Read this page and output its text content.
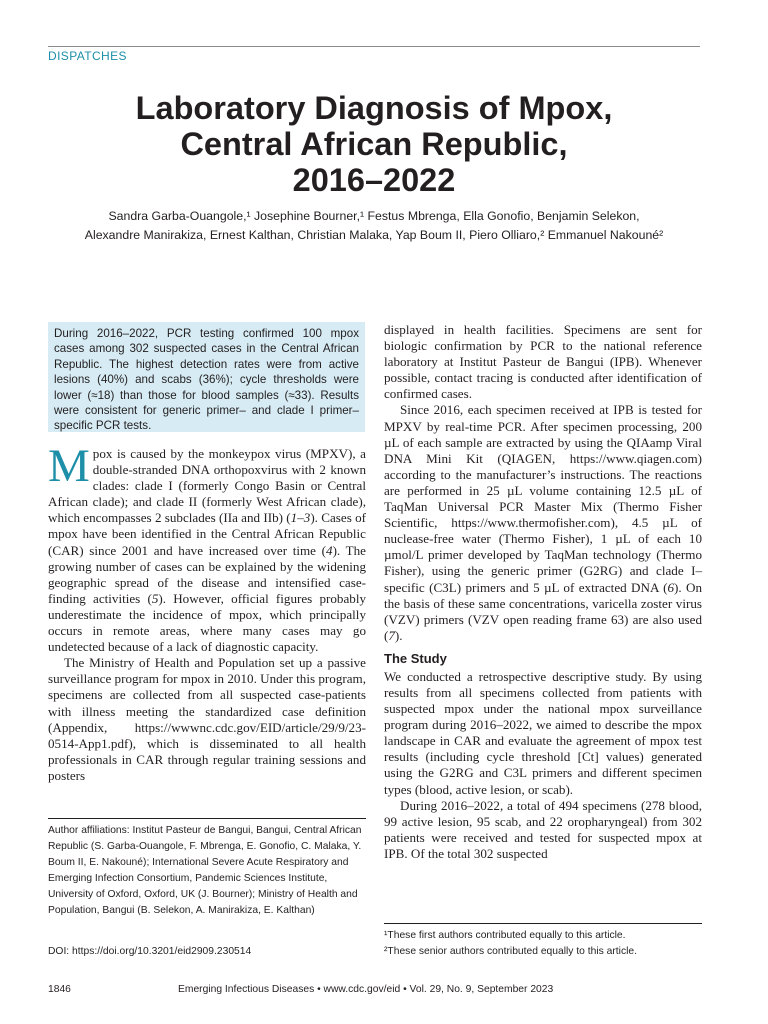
DISPATCHES
Laboratory Diagnosis of Mpox,
Central African Republic,
2016–2022
Sandra Garba-Ouangole,¹ Josephine Bourner,¹ Festus Mbrenga, Ella Gonofio, Benjamin Selekon,
Alexandre Manirakiza, Ernest Kalthan, Christian Malaka, Yap Boum II, Piero Olliaro,² Emmanuel Nakouné²
During 2016–2022, PCR testing confirmed 100 mpox cases among 302 suspected cases in the Central African Republic. The highest detection rates were from active lesions (40%) and scabs (36%); cycle thresholds were lower (≈18) than those for blood samples (≈33). Results were consistent for generic primer– and clade I primer–specific PCR tests.

Mpox is caused by the monkeypox virus (MPXV), a double-stranded DNA orthopoxvirus with 2 known clades: clade I (formerly Congo Basin or Central African clade); and clade II (formerly West African clade), which encompasses 2 subclades (IIa and IIb) (1–3). Cases of mpox have been identified in the Central African Republic (CAR) since 2001 and have increased over time (4). The growing number of cases can be explained by the widening geographic spread of the disease and intensified case-finding activities (5). However, official figures probably underestimate the incidence of mpox, which principally occurs in remote areas, where many cases may go undetected because of a lack of diagnostic capacity.

The Ministry of Health and Population set up a passive surveillance program for mpox in 2010. Under this program, specimens are collected from all suspected case-patients with illness meeting the standardized case definition (Appendix, https://wwwnc.cdc.gov/EID/article/29/9/23-0514-App1.pdf), which is disseminated to all health professionals in CAR through regular training sessions and posters

displayed in health facilities. Specimens are sent for biologic confirmation by PCR to the national reference laboratory at Institut Pasteur de Bangui (IPB). Whenever possible, contact tracing is conducted after identification of confirmed cases.

Since 2016, each specimen received at IPB is tested for MPXV by real-time PCR. After specimen processing, 200 µL of each sample are extracted by using the QIAamp Viral DNA Mini Kit (QIAGEN, https://www.qiagen.com) according to the manufacturer’s instructions. The reactions are performed in 25 µL volume containing 12.5 µL of TaqMan Universal PCR Master Mix (Thermo Fisher Scientific, https://www.thermofisher.com), 4.5 µL of nuclease-free water (Thermo Fisher), 1 µL of each 10 µmol/L primer developed by TaqMan technology (Thermo Fisher), using the generic primer (G2RG) and clade I–specific (C3L) primers and 5 µL of extracted DNA (6). On the basis of these same concentrations, varicella zoster virus (VZV) primers (VZV open reading frame 63) are also used (7).

The Study

We conducted a retrospective descriptive study. By using results from all specimens collected from patients with suspected mpox under the national mpox surveillance program during 2016–2022, we aimed to describe the mpox landscape in CAR and evaluate the agreement of mpox test results (including cycle threshold [Ct] values) generated using the G2RG and C3L primers and different specimen types (blood, active lesion, or scab).

During 2016–2022, a total of 494 specimens (278 blood, 99 active lesion, 95 scab, and 22 oropharyngeal) from 302 patients were received and tested for suspected mpox at IPB. Of the total 302 suspected

Author affiliations: Institut Pasteur de Bangui, Bangui, Central African Republic (S. Garba-Ouangole, F. Mbrenga, E. Gonofio, C. Malaka, Y. Boum II, E. Nakouné); International Severe Acute Respiratory and Emerging Infection Consortium, Pandemic Sciences Institute, University of Oxford, Oxford, UK (J. Bourner); Ministry of Health and Population, Bangui (B. Selekon, A. Manirakiza, E. Kalthan)
DOI: https://doi.org/10.3201/eid2909.230514
¹These first authors contributed equally to this article.
²These senior authors contributed equally to this article.
1846	Emerging Infectious Diseases • www.cdc.gov/eid • Vol. 29, No. 9, September 2023
